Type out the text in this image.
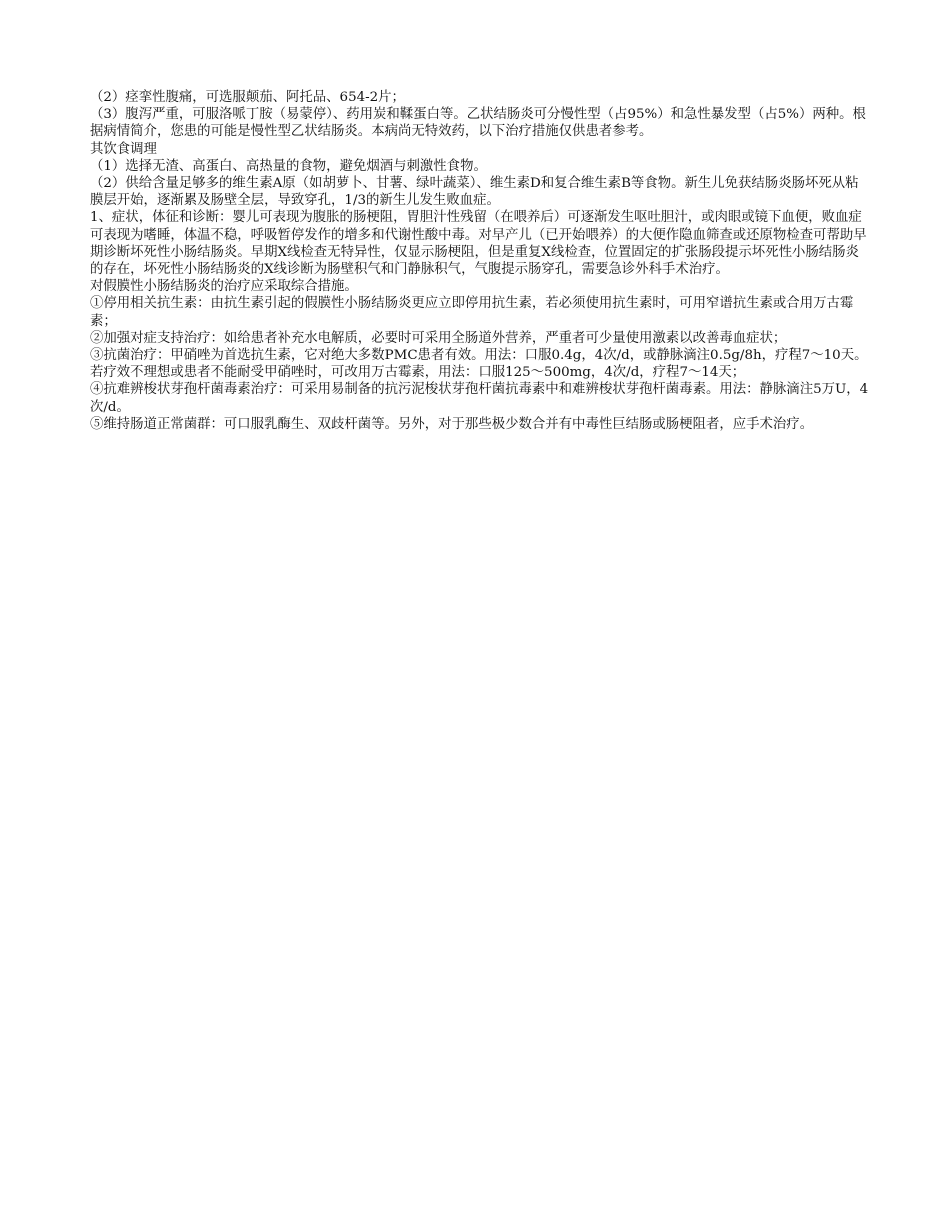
（2）痉挛性腹痛，可选服颠茄、阿托品、654-2片；

（3）腹泻严重，可服洛哌丁胺（易蒙停）、药用炭和鞣蛋白等。乙状结肠炎可分慢性型（占95%）和急性暴发型（占5%）两种。根据病情简介，您患的可能是慢性型乙状结肠炎。本病尚无特效药，以下治疗措施仅供患者参考。

其饮食调理

（1）选择无渣、高蛋白、高热量的食物，避免烟酒与刺激性食物。

（2）供给含量足够多的维生素A原（如胡萝卜、甘薯、绿叶蔬菜）、维生素D和复合维生素B等食物。新生儿免获结肠炎肠坏死从粘膜层开始，逐渐累及肠壁全层，导致穿孔，1/3的新生儿发生败血症。

1、症状，体征和诊断：婴儿可表现为腹胀的肠梗阻，胃胆汁性残留（在喂养后）可逐渐发生呕吐胆汁，或肉眼或镜下血便，败血症可表现为嗜睡，体温不稳，呼吸暂停发作的增多和代谢性酸中毒。对早产儿（已开始喂养）的大便作隐血筛查或还原物检查可帮助早期诊断坏死性小肠结肠炎。早期X线检查无特异性，仅显示肠梗阻，但是重复X线检查，位置固定的扩张肠段提示坏死性小肠结肠炎的存在，坏死性小肠结肠炎的X线诊断为肠壁积气和门静脉积气，气腹提示肠穿孔，需要急诊外科手术治疗。

对假膜性小肠结肠炎的治疗应采取综合措施。

①停用相关抗生素：由抗生素引起的假膜性小肠结肠炎更应立即停用抗生素，若必须使用抗生素时，可用窄谱抗生素或合用万古霉素；

②加强对症支持治疗：如给患者补充水电解质，必要时可采用全肠道外营养，严重者可少量使用激素以改善毒血症状；

③抗菌治疗：甲硝唑为首选抗生素，它对绝大多数PMC患者有效。用法：口服0.4g，4次/d，或静脉滴注0.5g/8h，疗程7～10天。若疗效不理想或患者不能耐受甲硝唑时，可改用万古霉素，用法：口服125～500mg，4次/d，疗程7～14天；

④抗难辨梭状芽孢杆菌毒素治疗：可采用易制备的抗污泥梭状芽孢杆菌抗毒素中和难辨梭状芽孢杆菌毒素。用法：静脉滴注5万U，4次/d。

⑤维持肠道正常菌群：可口服乳酶生、双歧杆菌等。另外，对于那些极少数合并有中毒性巨结肠或肠梗阻者，应手术治疗。
